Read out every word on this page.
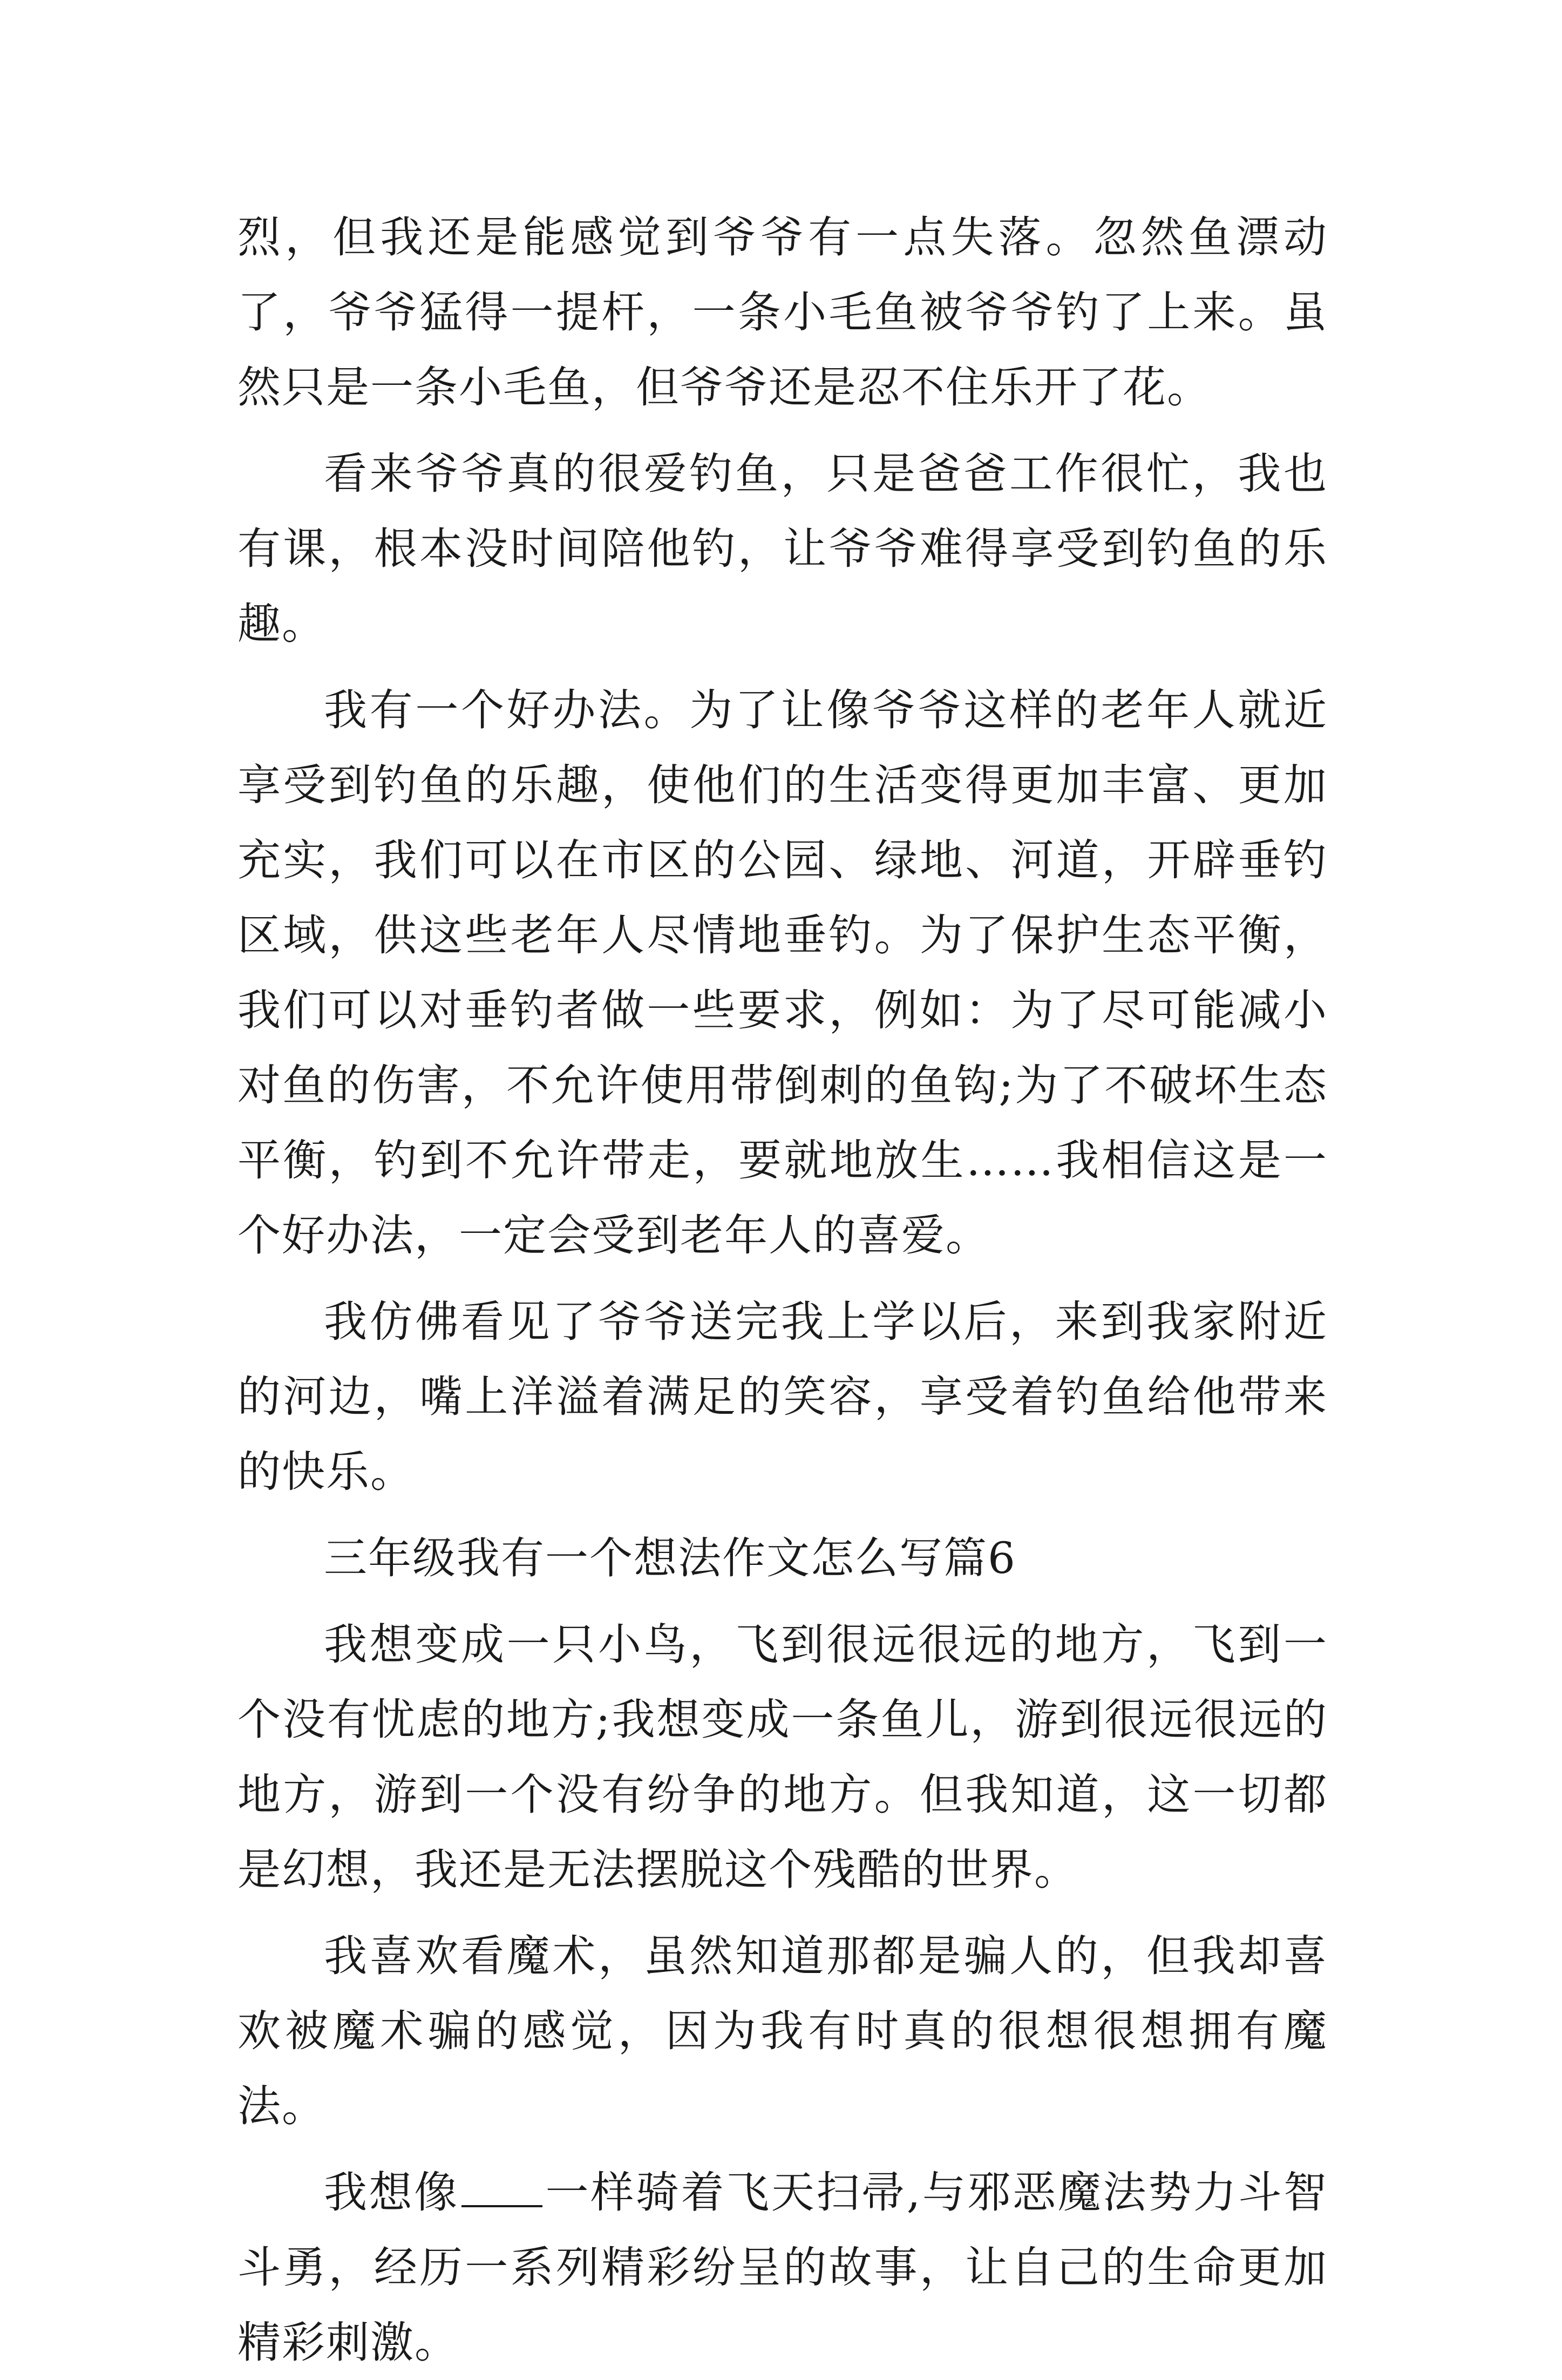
烈，但我还是能感觉到爷爷有一点失落。忽然鱼漂动了，爷爷猛得一提杆，一条小毛鱼被爷爷钓了上来。虽然只是一条小毛鱼，但爷爷还是忍不住乐开了花。

看来爷爷真的很爱钓鱼，只是爸爸工作很忙，我也有课，根本没时间陪他钓，让爷爷难得享受到钓鱼的乐趣。

我有一个好办法。为了让像爷爷这样的老年人就近享受到钓鱼的乐趣，使他们的生活变得更加丰富、更加充实，我们可以在市区的公园、绿地、河道，开辟垂钓区域，供这些老年人尽情地垂钓。为了保护生态平衡，我们可以对垂钓者做一些要求，例如：为了尽可能减小对鱼的伤害，不允许使用带倒刺的鱼钩;为了不破坏生态平衡，钓到不允许带走，要就地放生……我相信这是一个好办法，一定会受到老年人的喜爱。

我仿佛看见了爷爷送完我上学以后，来到我家附近的河边，嘴上洋溢着满足的笑容，享受着钓鱼给他带来的快乐。

三年级我有一个想法作文怎么写篇6

我想变成一只小鸟，飞到很远很远的地方，飞到一个没有忧虑的地方;我想变成一条鱼儿，游到很远很远的地方，游到一个没有纷争的地方。但我知道，这一切都是幻想，我还是无法摆脱这个残酷的世界。

我喜欢看魔术，虽然知道那都是骗人的，但我却喜欢被魔术骗的感觉，因为我有时真的很想很想拥有魔法。

我想像 一样骑着飞天扫帚,与邪恶魔法势力斗智斗勇，经历一系列精彩纷呈的故事，让自己的生命更加精彩刺激。
